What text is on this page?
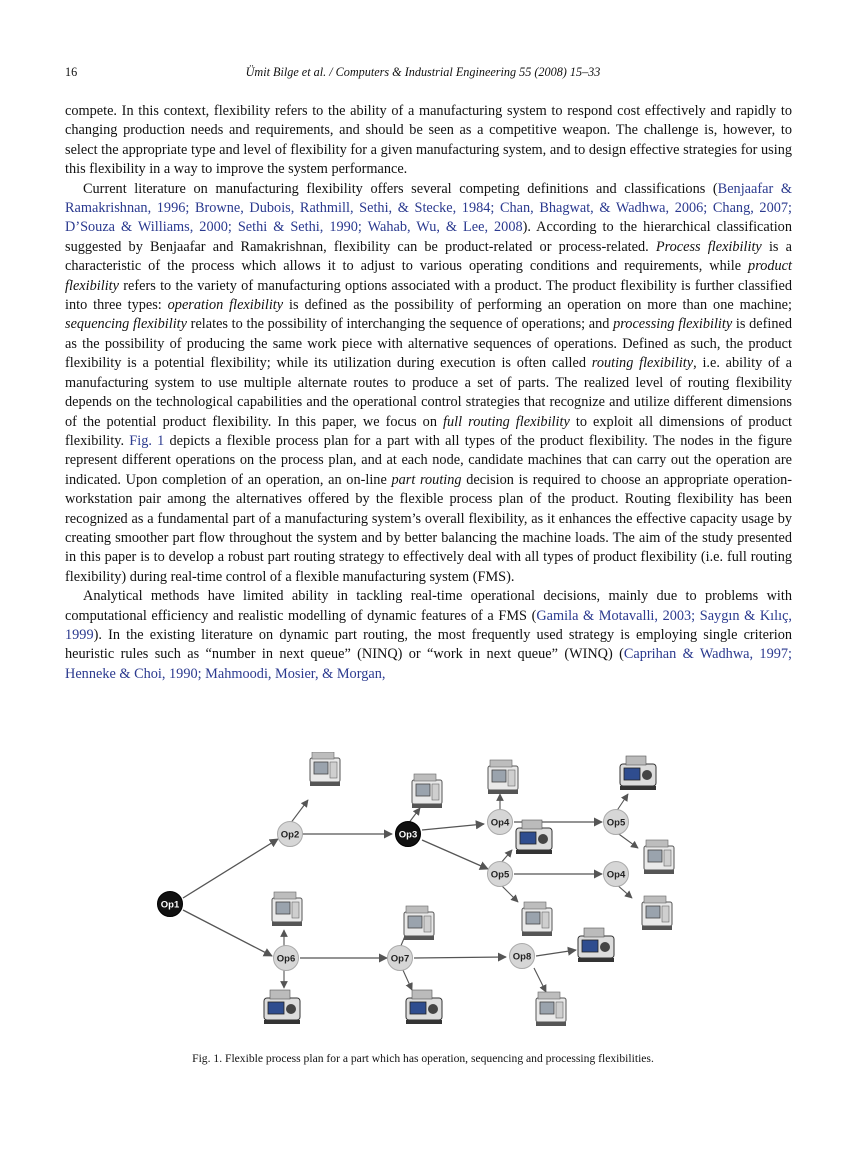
16	Ümit Bilge et al. / Computers & Industrial Engineering 55 (2008) 15–33

compete. In this context, flexibility refers to the ability of a manufacturing system to respond cost effectively and rapidly to changing production needs and requirements, and should be seen as a competitive weapon. The challenge is, however, to select the appropriate type and level of flexibility for a given manufacturing system, and to design effective strategies for using this flexibility in a way to improve the system performance.

Current literature on manufacturing flexibility offers several competing definitions and classifications (Benjaafar & Ramakrishnan, 1996; Browne, Dubois, Rathmill, Sethi, & Stecke, 1984; Chan, Bhagwat, & Wadhwa, 2006; Chang, 2007; D’Souza & Williams, 2000; Sethi & Sethi, 1990; Wahab, Wu, & Lee, 2008). According to the hierarchical classification suggested by Benjaafar and Ramakrishnan, flexibility can be product-related or process-related. Process flexibility is a characteristic of the process which allows it to adjust to various operating conditions and requirements, while product flexibility refers to the variety of manufacturing options associated with a product. The product flexibility is further classified into three types: operation flexibility is defined as the possibility of performing an operation on more than one machine; sequencing flexibility relates to the possibility of interchanging the sequence of operations; and processing flexibility is defined as the possibility of producing the same work piece with alternative sequences of operations. Defined as such, the product flexibility is a potential flexibility; while its utilization during execution is often called routing flexibility, i.e. ability of a manufacturing system to use multiple alternate routes to produce a set of parts. The realized level of routing flexibility depends on the technological capabilities and the operational control strategies that recognize and utilize different dimensions of the potential product flexibility. In this paper, we focus on full routing flexibility to exploit all dimensions of product flexibility. Fig. 1 depicts a flexible process plan for a part with all types of the product flexibility. The nodes in the figure represent different operations on the process plan, and at each node, candidate machines that can carry out the operation are indicated. Upon completion of an operation, an on-line part routing decision is required to choose an appropriate operation-workstation pair among the alternatives offered by the flexible process plan of the product. Routing flexibility has been recognized as a fundamental part of a manufacturing system’s overall flexibility, as it enhances the effective capacity usage by creating smoother part flow throughout the system and by better balancing the machine loads. The aim of the study presented in this paper is to develop a robust part routing strategy to effectively deal with all types of product flexibility (i.e. full routing flexibility) during real-time control of a flexible manufacturing system (FMS).

Analytical methods have limited ability in tackling real-time operational decisions, mainly due to problems with computational efficiency and realistic modelling of dynamic features of a FMS (Gamila & Motavalli, 2003; Saygın & Kılıç, 1999). In the existing literature on dynamic part routing, the most frequently used strategy is employing single criterion heuristic rules such as “number in next queue” (NINQ) or “work in next queue” (WINQ) (Caprihan & Wadhwa, 1997; Henneke & Choi, 1990; Mahmoodi, Mosier, & Morgan,

Op1
Op2	Op3
Op4	Op5
Op5	Op4
Op6	Op7	Op8
Fig. 1. Flexible process plan for a part which has operation, sequencing and processing flexibilities.
